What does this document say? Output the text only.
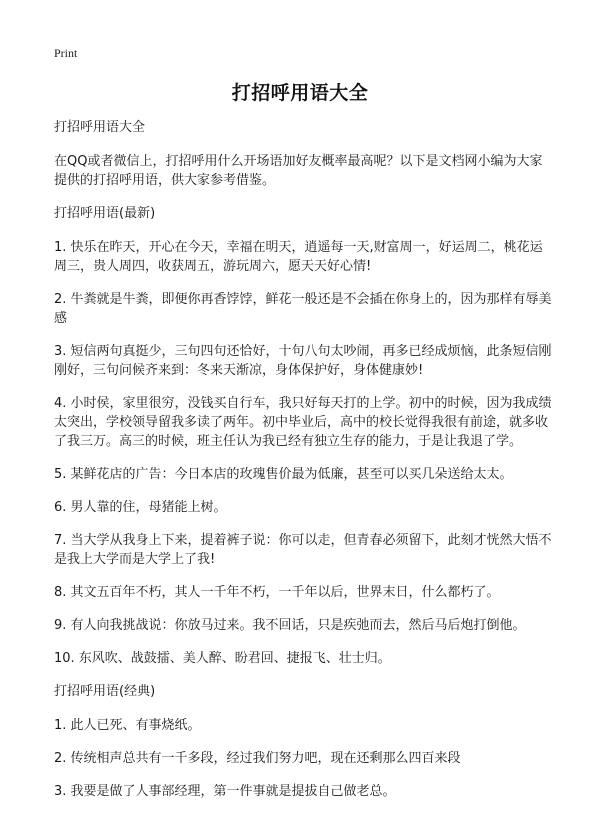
Print
打招呼用语大全

打招呼用语大全

在QQ或者微信上，打招呼用什么开场语加好友概率最高呢？以下是文档网小编为大家提供的打招呼用语，供大家参考借鉴。

打招呼用语(最新)

1. 快乐在昨天，开心在今天，幸福在明天，逍遥每一天,财富周一，好运周二，桃花运周三，贵人周四，收获周五，游玩周六，愿天天好心情!

2. 牛粪就是牛粪，即便你再香饽饽，鲜花一般还是不会插在你身上的，因为那样有辱美感

3. 短信两句真挺少，三句四句还恰好，十句八句太吵闹，再多已经成烦恼，此条短信刚刚好，三句问候齐来到：冬来天渐凉，身体保护好，身体健康妙!

4. 小时侯，家里很穷，没钱买自行车，我只好每天打的上学。初中的时候，因为我成绩太突出，学校领导留我多读了两年。初中毕业后，高中的校长觉得我很有前途，就多收了我三万。高三的时候，班主任认为我已经有独立生存的能力，于是让我退了学。

5. 某鲜花店的广告：今日本店的玫瑰售价最为低廉，甚至可以买几朵送给太太。

6. 男人靠的住，母猪能上树。

7. 当大学从我身上下来，提着裤子说：你可以走，但青春必须留下，此刻才恍然大悟不是我上大学而是大学上了我!

8. 其文五百年不朽，其人一千年不朽，一千年以后，世界末日，什么都朽了。

9. 有人向我挑战说：你放马过来。我不回话，只是疾弛而去，然后马后炮打倒他。

10. 东风吹、战鼓擂、美人醉、盼君回、捷报飞、壮士归。

打招呼用语(经典)

1. 此人已死、有事烧纸。

2. 传统相声总共有一千多段，经过我们努力吧，现在还剩那么四百来段

3. 我要是做了人事部经理，第一件事就是提拔自己做老总。
